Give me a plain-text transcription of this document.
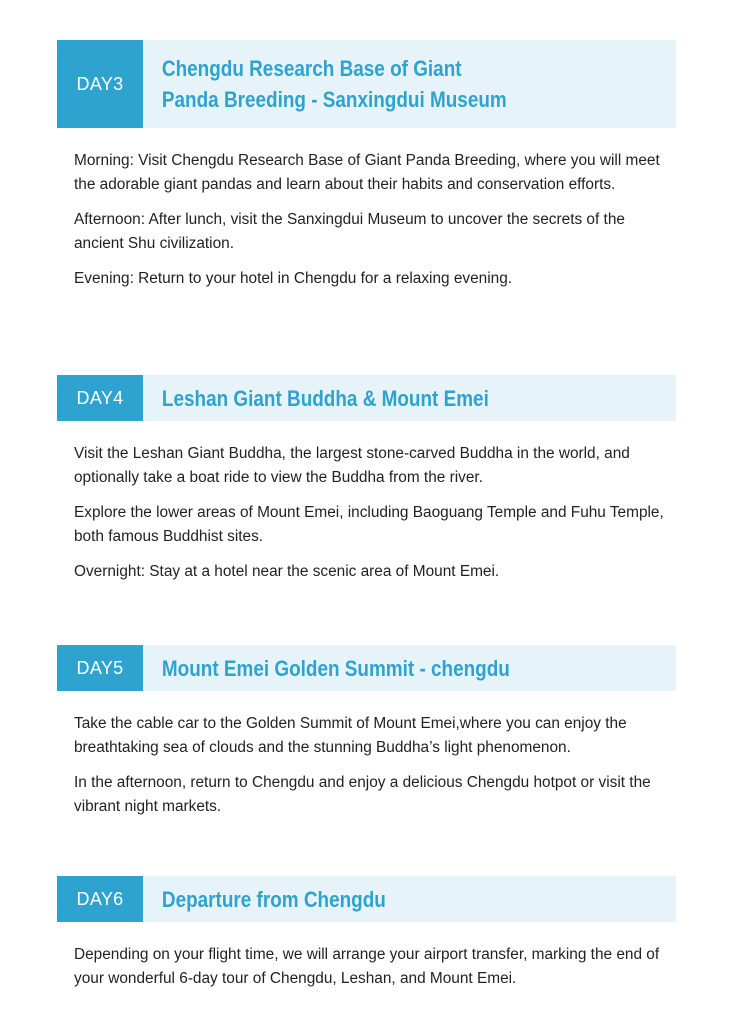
DAY3
Chengdu Research Base of Giant
Panda Breeding - Sanxingdui Museum

Morning: Visit Chengdu Research Base of Giant Panda Breeding, where you will meet the adorable giant pandas and learn about their habits and conservation efforts.

Afternoon: After lunch, visit the Sanxingdui Museum to uncover the secrets of the ancient Shu civilization.

Evening: Return to your hotel in Chengdu for a relaxing evening.

DAY4	Leshan Giant Buddha & Mount Emei

Visit the Leshan Giant Buddha, the largest stone-carved Buddha in the world, and optionally take a boat ride to view the Buddha from the river.

Explore the lower areas of Mount Emei, including Baoguang Temple and Fuhu Temple, both famous Buddhist sites.

Overnight: Stay at a hotel near the scenic area of Mount Emei.

DAY5	Mount Emei Golden Summit - chengdu

Take the cable car to the Golden Summit of Mount Emei,where you can enjoy the breathtaking sea of clouds and the stunning Buddha’s light phenomenon.

In the afternoon, return to Chengdu and enjoy a delicious Chengdu hotpot or visit the vibrant night markets.

DAY6	Departure from Chengdu

Depending on your flight time, we will arrange your airport transfer, marking the end of your wonderful 6-day tour of Chengdu, Leshan, and Mount Emei.
